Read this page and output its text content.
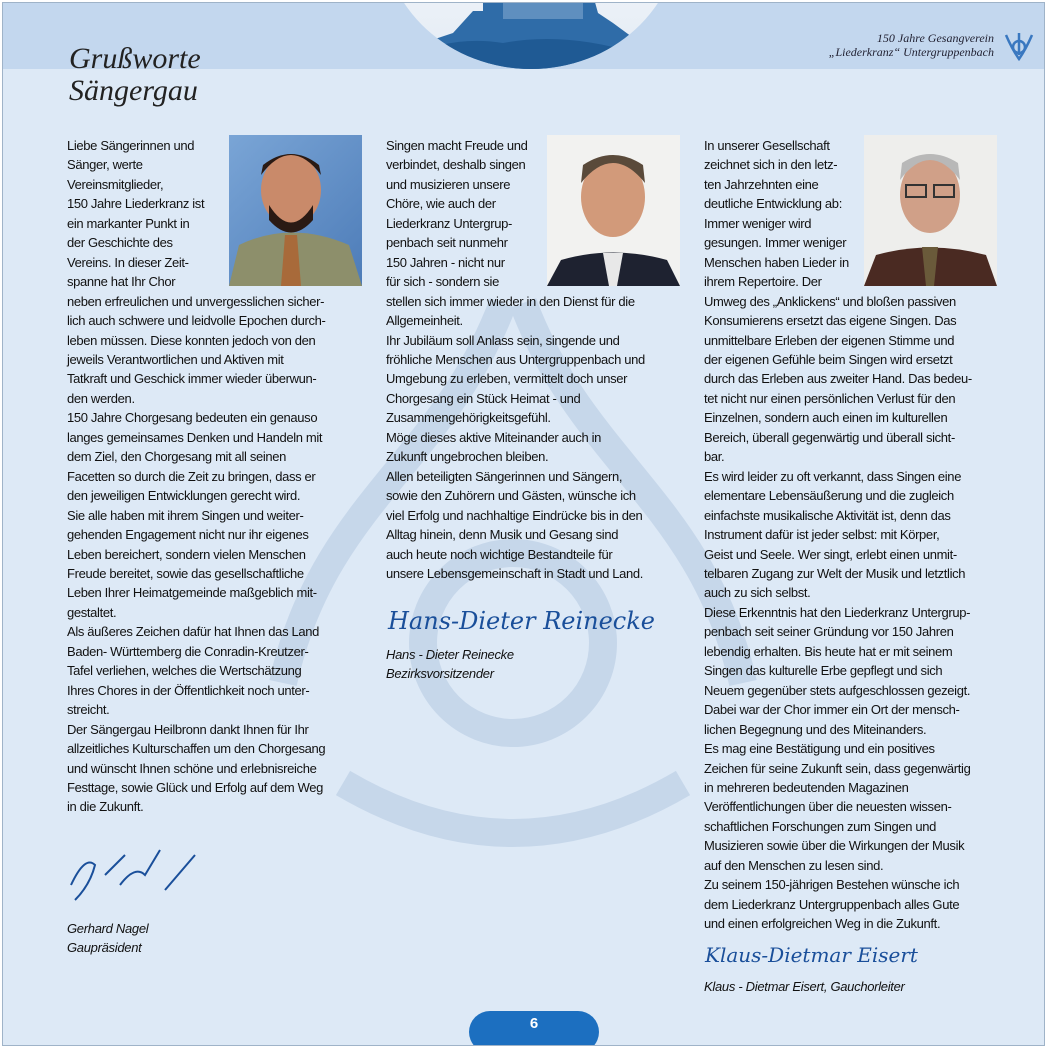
Grußworte
Sängergau
150 Jahre Gesangverein
„Liederkranz“ Untergruppenbach
Liebe Sängerinnen und
Sänger, werte
Vereinsmitglieder,
150 Jahre Liederkranz ist
ein markanter Punkt in
der Geschichte des
Vereins. In dieser Zeit-
spanne hat Ihr Chor
neben erfreulichen und unvergesslichen sicher-
lich auch schwere und leidvolle Epochen durch-
leben müssen. Diese konnten jedoch von den
jeweils Verantwortlichen und Aktiven mit
Tatkraft und Geschick immer wieder überwun-
den werden.
150 Jahre Chorgesang bedeuten ein genauso
langes gemeinsames Denken und Handeln mit
dem Ziel, den Chorgesang mit all seinen
Facetten so durch die Zeit zu bringen, dass er
den jeweiligen Entwicklungen gerecht wird.
Sie alle haben mit ihrem Singen und weiter-
gehenden Engagement nicht nur ihr eigenes
Leben bereichert, sondern vielen Menschen
Freude bereitet, sowie das gesellschaftliche
Leben Ihrer Heimatgemeinde maßgeblich mit-
gestaltet.
Als äußeres Zeichen dafür hat Ihnen das Land
Baden- Württemberg die Conradin-Kreutzer-
Tafel verliehen, welches die Wertschätzung
Ihres Chores in der Öffentlichkeit noch unter-
streicht.
Der Sängergau Heilbronn dankt Ihnen für Ihr
allzeitliches Kulturschaffen um den Chorgesang
und wünscht Ihnen schöne und erlebnisreiche
Festtage, sowie Glück und Erfolg auf dem Weg
in die Zukunft.
Singen macht Freude und
verbindet, deshalb singen
und musizieren unsere
Chöre, wie auch der
Liederkranz Untergrup-
penbach seit nunmehr
150 Jahren - nicht nur
für sich - sondern sie
stellen sich immer wieder in den Dienst für die
Allgemeinheit.
Ihr Jubiläum soll Anlass sein, singende und
fröhliche Menschen aus Untergruppenbach und
Umgebung zu erleben, vermittelt doch unser
Chorgesang ein Stück Heimat - und
Zusammengehörigkeitsgefühl.
Möge dieses aktive Miteinander auch in
Zukunft ungebrochen bleiben.
Allen beteiligten Sängerinnen und Sängern,
sowie den Zuhörern und Gästen, wünsche ich
viel Erfolg und nachhaltige Eindrücke bis in den
Alltag hinein, denn Musik und Gesang sind
auch heute noch wichtige Bestandteile für
unsere Lebensgemeinschaft in Stadt und Land.
In unserer Gesellschaft
zeichnet sich in den letz-
ten Jahrzehnten eine
deutliche Entwicklung ab:
Immer weniger wird
gesungen. Immer weniger
Menschen haben Lieder in
ihrem Repertoire. Der
Umweg des „Anklickens“ und bloßen passiven
Konsumierens ersetzt das eigene Singen. Das
unmittelbare Erleben der eigenen Stimme und
der eigenen Gefühle beim Singen wird ersetzt
durch das Erleben aus zweiter Hand. Das bedeu-
tet nicht nur einen persönlichen Verlust für den
Einzelnen, sondern auch einen im kulturellen
Bereich, überall gegenwärtig und überall sicht-
bar.
Es wird leider zu oft verkannt, dass Singen eine
elementare Lebensäußerung und die zugleich
einfachste musikalische Aktivität ist, denn das
Instrument dafür ist jeder selbst: mit Körper,
Geist und Seele. Wer singt, erlebt einen unmit-
telbaren Zugang zur Welt der Musik und letztlich
auch zu sich selbst.
Diese Erkenntnis hat den Liederkranz Untergrup-
penbach seit seiner Gründung vor 150 Jahren
lebendig erhalten. Bis heute hat er mit seinem
Singen das kulturelle Erbe gepflegt und sich
Neuem gegenüber stets aufgeschlossen gezeigt.
Dabei war der Chor immer ein Ort der mensch-
lichen Begegnung und des Miteinanders.
Es mag eine Bestätigung und ein positives
Zeichen für seine Zukunft sein, dass gegenwärtig
in mehreren bedeutenden Magazinen
Veröffentlichungen über die neuesten wissen-
schaftlichen Forschungen zum Singen und
Musizieren sowie über die Wirkungen der Musik
auf den Menschen zu lesen sind.
Zu seinem 150-jährigen Bestehen wünsche ich
dem Liederkranz Untergruppenbach alles Gute
und einen erfolgreichen Weg in die Zukunft.
Gerhard Nagel
Gaupräsident
Hans-Dieter Reinecke
Hans - Dieter Reinecke
Bezirksvorsitzender
Klaus-Dietmar Eisert
Klaus - Dietmar Eisert, Gauchorleiter
6
